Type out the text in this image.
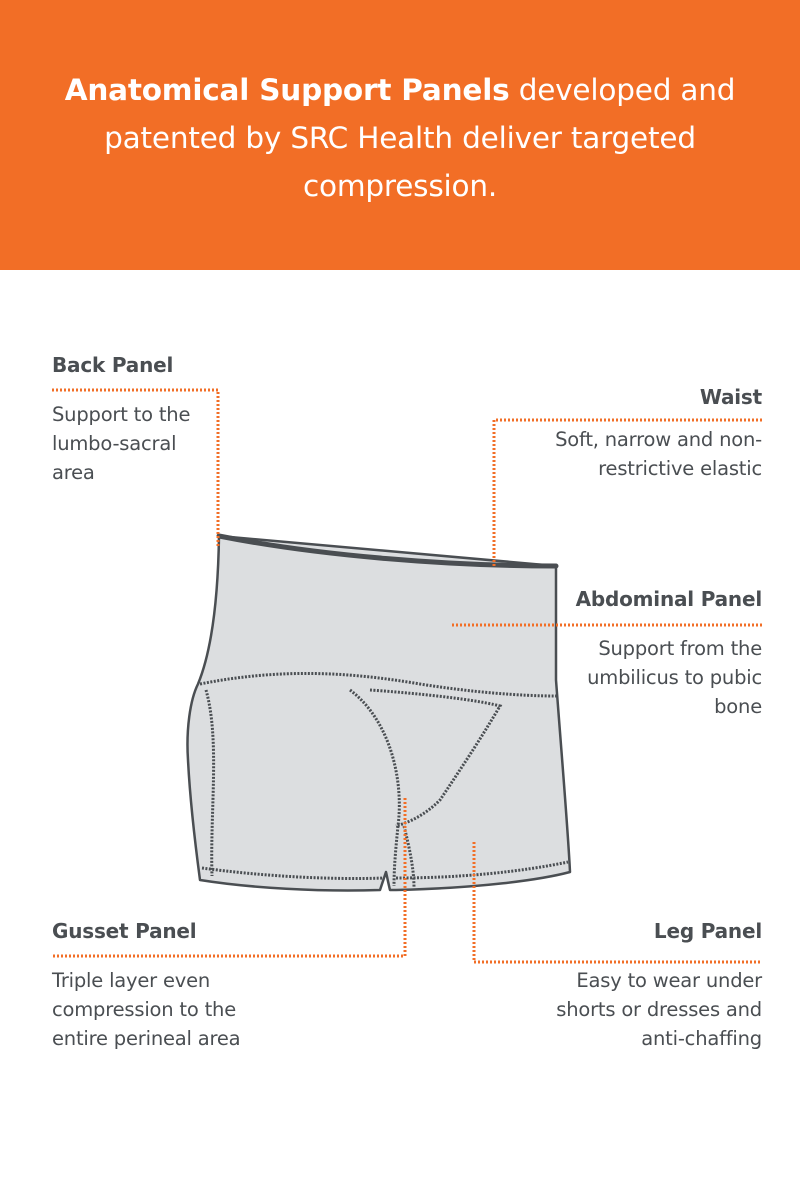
Anatomical Support Panels developed and patented by SRC Health deliver targeted compression.

Back Panel

Support to the lumbo-sacral area

Waist

Soft, narrow and non-restrictive elastic

Abdominal Panel

Support from the umbilicus to pubic bone

Gusset Panel

Triple layer even compression to the entire perineal area

Leg Panel

Easy to wear under shorts or dresses and anti-chaffing
